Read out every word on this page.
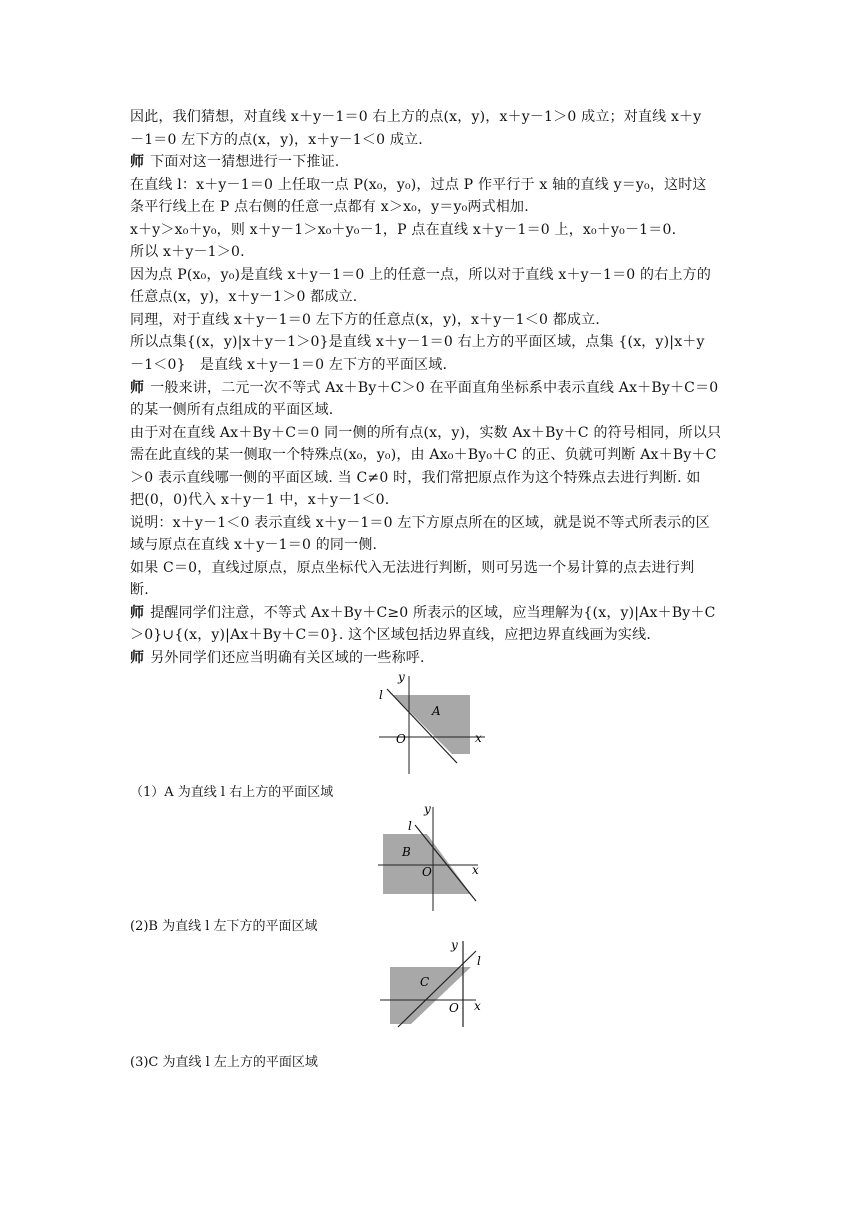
因此，我们猜想，对直线 x＋y－1＝0 右上方的点(x，y)，x＋y－1＞0 成立；对直线 x＋y
－1＝0 左下方的点(x，y)，x＋y－1＜0 成立.
师 下面对这一猜想进行一下推证.
在直线 l：x＋y－1＝0 上任取一点 P(x₀，y₀)，过点 P 作平行于 x 轴的直线 y＝y₀，这时这
条平行线上在 P 点右侧的任意一点都有 x＞x₀，y＝y₀两式相加.
x＋y＞x₀＋y₀，则 x＋y－1＞x₀＋y₀－1，P 点在直线 x＋y－1＝0 上，x₀＋y₀－1＝0.
所以 x＋y－1＞0.
因为点 P(x₀，y₀)是直线 x＋y－1＝0 上的任意一点，所以对于直线 x＋y－1＝0 的右上方的
任意点(x，y)，x＋y－1＞0 都成立.
同理，对于直线 x＋y－1＝0 左下方的任意点(x，y)，x＋y－1＜0 都成立.
所以点集{(x，y)|x＋y－1＞0}是直线 x＋y－1＝0 右上方的平面区域，点集 {(x，y)|x＋y
－1＜0}　是直线 x＋y－1＝0 左下方的平面区域.
师 一般来讲，二元一次不等式 Ax＋By＋C＞0 在平面直角坐标系中表示直线 Ax＋By＋C＝0
的某一侧所有点组成的平面区域.
由于对在直线 Ax＋By＋C＝0 同一侧的所有点(x，y)，实数 Ax＋By＋C 的符号相同，所以只
需在此直线的某一侧取一个特殊点(x₀，y₀)，由 Ax₀＋By₀＋C 的正、负就可判断 Ax＋By＋C
＞0 表示直线哪一侧的平面区域. 当 C≠0 时，我们常把原点作为这个特殊点去进行判断. 如
把(0，0)代入 x＋y－1 中，x＋y－1＜0.
说明：x＋y－1＜0 表示直线 x＋y－1＝0 左下方原点所在的区域，就是说不等式所表示的区
域与原点在直线 x＋y－1＝0 的同一侧.
如果 C＝0，直线过原点，原点坐标代入无法进行判断，则可另选一个易计算的点去进行判
断.
师 提醒同学们注意，不等式 Ax＋By＋C≥0 所表示的区域，应当理解为{(x，y)|Ax＋By＋C
＞0}∪{(x，y)|Ax＋By＋C＝0}. 这个区域包括边界直线，应把边界直线画为实线.
师 另外同学们还应当明确有关区域的一些称呼.
A
l
x
y
O
（1）A 为直线 l 右上方的平面区域
B
l
x
y
O
(2)B 为直线 l 左下方的平面区域
C
l
x
y
O
(3)C 为直线 l 左上方的平面区域
